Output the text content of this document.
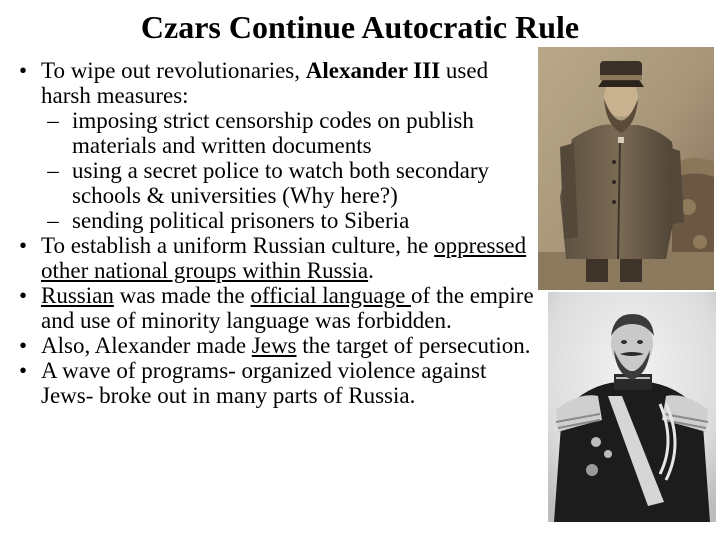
Czars Continue Autocratic Rule
• To wipe out revolutionaries, Alexander III used harsh measures:
– imposing strict censorship codes on publish materials and written documents
– using a secret police to watch both secondary schools & universities (Why here?)
– sending political prisoners to Siberia
• To establish a uniform Russian culture, he oppressed other national groups within Russia.
• Russian was made the official language of the empire and use of minority language was forbidden.
• Also, Alexander made Jews the target of persecution.
• A wave of programs- organized violence against Jews- broke out in many parts of Russia.
